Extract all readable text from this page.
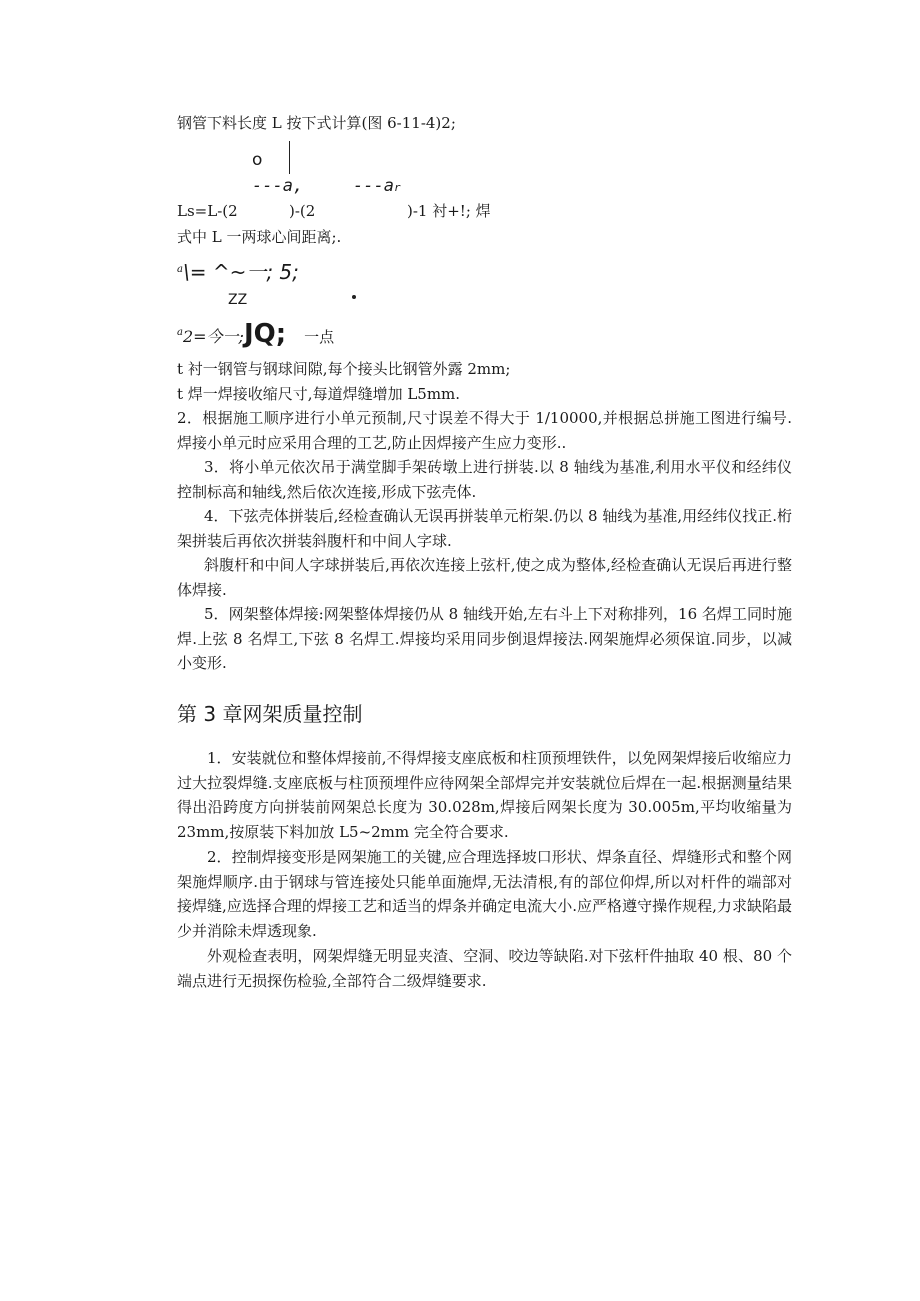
钢管下料长度 L 按下式计算(图 6-11-4)2;
o
---a,	---ar
Ls=L-(2	)-(2	)-1 衬+!; 焊
式中 L 一两球心间距离;.
$^a$\= ^~一; 5;
ZZ
$^a$2=今一;JQ; 一点
t 衬一钢管与钢球间隙,每个接头比钢管外露 2mm;
t 焊一焊接收缩尺寸,每道焊缝增加 L5mm.
2．根据施工顺序进行小单元预制,尺寸误差不得大于 1/10000,并根据总拼施工图进行编号.焊接小单元时应采用合理的工艺,防止因焊接产生应力变形..
3．将小单元依次吊于满堂脚手架砖墩上进行拼装.以 8 轴线为基准,利用水平仪和经纬仪控制标高和轴线,然后依次连接,形成下弦壳体.
4．下弦壳体拼装后,经检查确认无误再拼装单元桁架.仍以 8 轴线为基准,用经纬仪找正.桁架拼装后再依次拼装斜腹杆和中间人字球.
斜腹杆和中间人字球拼装后,再依次连接上弦杆,使之成为整体,经检查确认无误后再进行整体焊接.
5．网架整体焊接:网架整体焊接仍从 8 轴线开始,左右斗上下对称排列，16 名焊工同时施焊.上弦 8 名焊工,下弦 8 名焊工.焊接均采用同步倒退焊接法.网架施焊必须保谊.同步，以减小变形.
第 3 章网架质量控制
1．安装就位和整体焊接前,不得焊接支座底板和柱顶预埋铁件，以免网架焊接后收缩应力过大拉裂焊缝.支座底板与柱顶预埋件应待网架全部焊完并安装就位后焊在一起.根据测量结果得出沿跨度方向拼装前网架总长度为 30.028m,焊接后网架长度为 30.005m,平均收缩量为 23mm,按原装下料加放 L5~2mm 完全符合要求.
2．控制焊接变形是网架施工的关键,应合理选择坡口形状、焊条直径、焊缝形式和整个网架施焊顺序.由于钢球与管连接处只能单面施焊,无法清根,有的部位仰焊,所以对杆件的端部对接焊缝,应选择合理的焊接工艺和适当的焊条并确定电流大小.应严格遵守操作规程,力求缺陷最少并消除未焊透现象.
外观检查表明，网架焊缝无明显夹渣、空洞、咬边等缺陷.对下弦杆件抽取 40 根、80 个端点进行无损探伤检验,全部符合二级焊缝要求.
